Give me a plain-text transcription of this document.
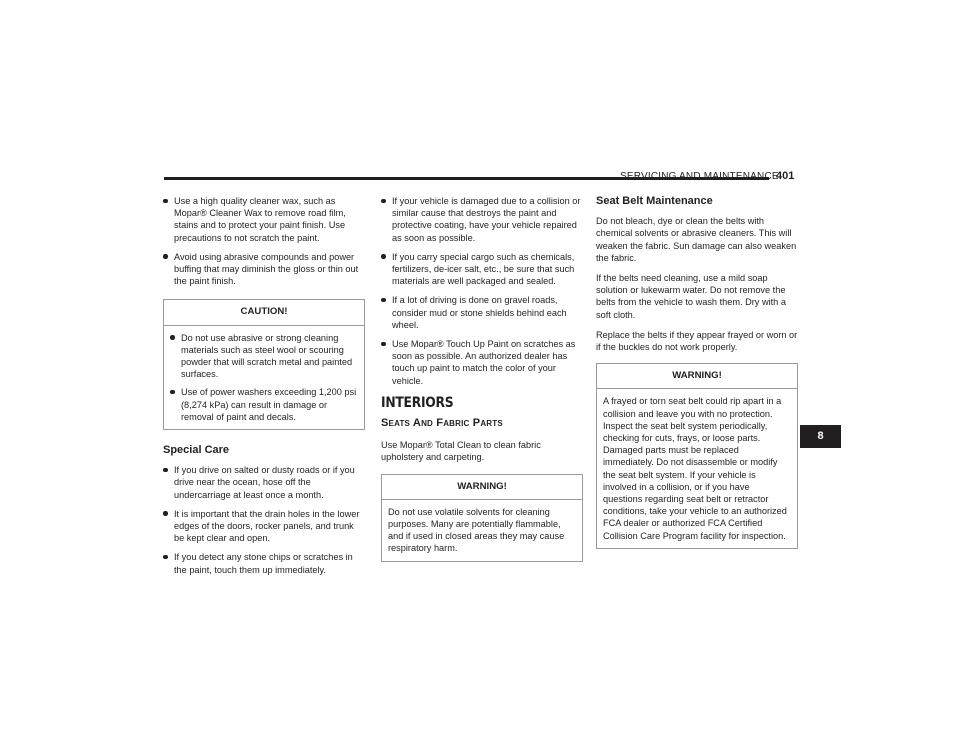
SERVICING AND MAINTENANCE
401
Use a high quality cleaner wax, such as Mopar® Cleaner Wax to remove road film, stains and to protect your paint finish. Use precautions to not scratch the paint.
Avoid using abrasive compounds and power buffing that may diminish the gloss or thin out the paint finish.
CAUTION!
Do not use abrasive or strong cleaning materials such as steel wool or scouring powder that will scratch metal and painted surfaces.
Use of power washers exceeding 1,200 psi (8,274 kPa) can result in damage or removal of paint and decals.
Special Care
If you drive on salted or dusty roads or if you drive near the ocean, hose off the undercarriage at least once a month.
It is important that the drain holes in the lower edges of the doors, rocker panels, and trunk be kept clear and open.
If you detect any stone chips or scratches in the paint, touch them up immediately.
If your vehicle is damaged due to a collision or similar cause that destroys the paint and protective coating, have your vehicle repaired as soon as possible.
If you carry special cargo such as chemicals, fertilizers, de-icer salt, etc., be sure that such materials are well packaged and sealed.
If a lot of driving is done on gravel roads, consider mud or stone shields behind each wheel.
Use Mopar® Touch Up Paint on scratches as soon as possible. An authorized dealer has touch up paint to match the color of your vehicle.
INTERIORS
Seats And Fabric Parts

Use Mopar® Total Clean to clean fabric upholstery and carpeting.

WARNING!

Do not use volatile solvents for cleaning purposes. Many are potentially flammable, and if used in closed areas they may cause respiratory harm.

Seat Belt Maintenance

Do not bleach, dye or clean the belts with chemical solvents or abrasive cleaners. This will weaken the fabric. Sun damage can also weaken the fabric.

If the belts need cleaning, use a mild soap solution or lukewarm water. Do not remove the belts from the vehicle to wash them. Dry with a soft cloth.

Replace the belts if they appear frayed or worn or if the buckles do not work properly.

WARNING!

A frayed or torn seat belt could rip apart in a collision and leave you with no protection. Inspect the seat belt system periodically, checking for cuts, frays, or loose parts. Damaged parts must be replaced immediately. Do not disassemble or modify the seat belt system. If your vehicle is involved in a collision, or if you have questions regarding seat belt or retractor conditions, take your vehicle to an authorized FCA dealer or authorized FCA Certified Collision Care Program facility for inspection.

8
